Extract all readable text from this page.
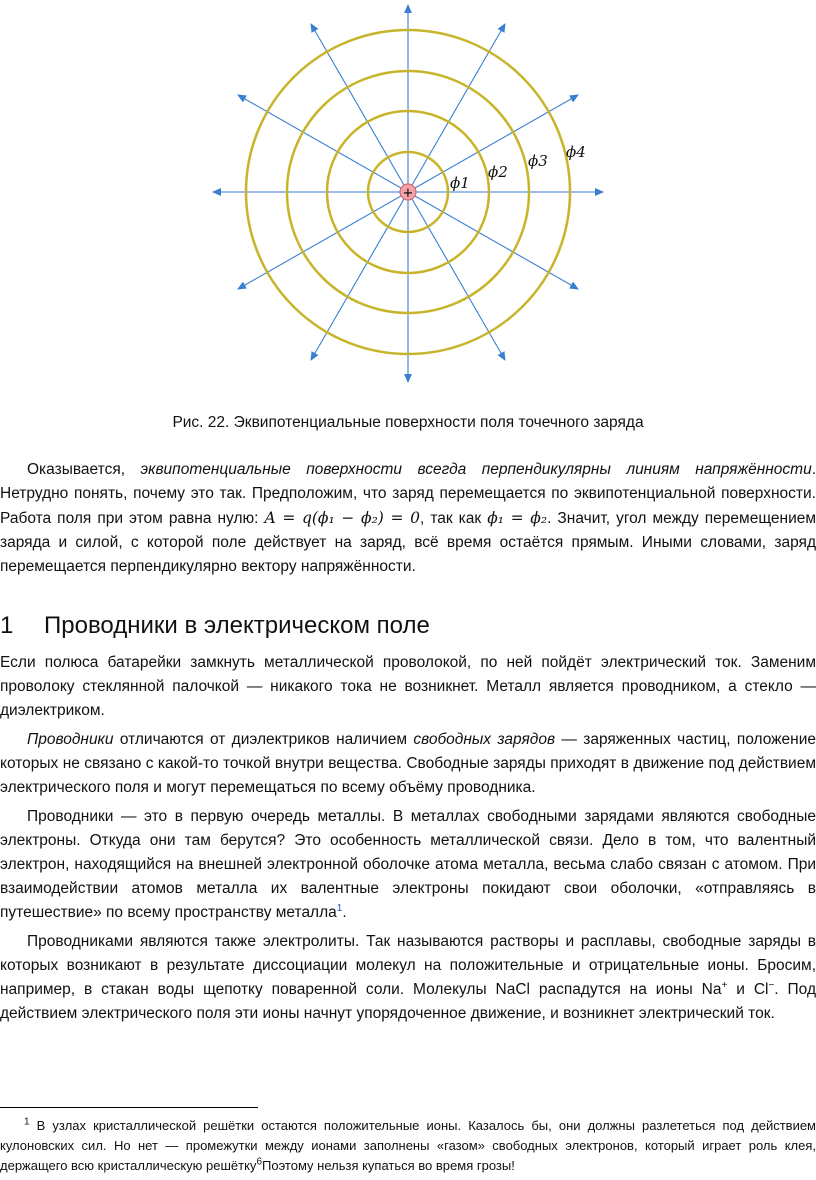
+
ϕ1
ϕ2
ϕ3 ϕ4
Рис. 22. Эквипотенциальные поверхности поля точечного заряда

Оказывается, эквипотенциальные поверхности всегда перпендикулярны линиям напряжённости. Нетрудно понять, почему это так. Предположим, что заряд перемещается по эквипотенциальной поверхности. Работа поля при этом равна нулю: A = q(ϕ₁ − ϕ₂) = 0, так как ϕ₁ = ϕ₂. Значит, угол между перемещением заряда и силой, с которой поле действует на заряд, всё время остаётся прямым. Иными словами, заряд перемещается перпендикулярно вектору напряжённости.

1 Проводники в электрическом поле

Если полюса батарейки замкнуть металлической проволокой, по ней пойдёт электрический ток. Заменим проволоку стеклянной палочкой — никакого тока не возникнет. Металл является проводником, а стекло — диэлектриком.

Проводники отличаются от диэлектриков наличием свободных зарядов — заряженных частиц, положение которых не связано с какой-то точкой внутри вещества. Свободные заряды приходят в движение под действием электрического поля и могут перемещаться по всему объёму проводника.

Проводники — это в первую очередь металлы. В металлах свободными зарядами являются свободные электроны. Откуда они там берутся? Это особенность металлической связи. Дело в том, что валентный электрон, находящийся на внешней электронной оболочке атома металла, весьма слабо связан с атомом. При взаимодействии атомов металла их валентные электроны покидают свои оболочки, «отправляясь в путешествие» по всему пространству металла$^1$.

Проводниками являются также электролиты. Так называются растворы и расплавы, свободные заряды в которых возникают в результате диссоциации молекул на положительные и отрицательные ионы. Бросим, например, в стакан воды щепотку поваренной соли. Молекулы NaCl распадутся на ионы Na+ и Cl−. Под действием электрического поля эти ионы начнут упорядоченное движение, и возникнет электрический ток.

$^1$ В узлах кристаллической решётки остаются положительные ионы. Казалось бы, они должны разлететься под действием кулоновских сил. Но нет — промежутки между ионами заполнены «газом» свободных электронов, который играет роль клея, держащего всю кристаллическую решётку$^6$Поэтому нельзя купаться во время грозы!
